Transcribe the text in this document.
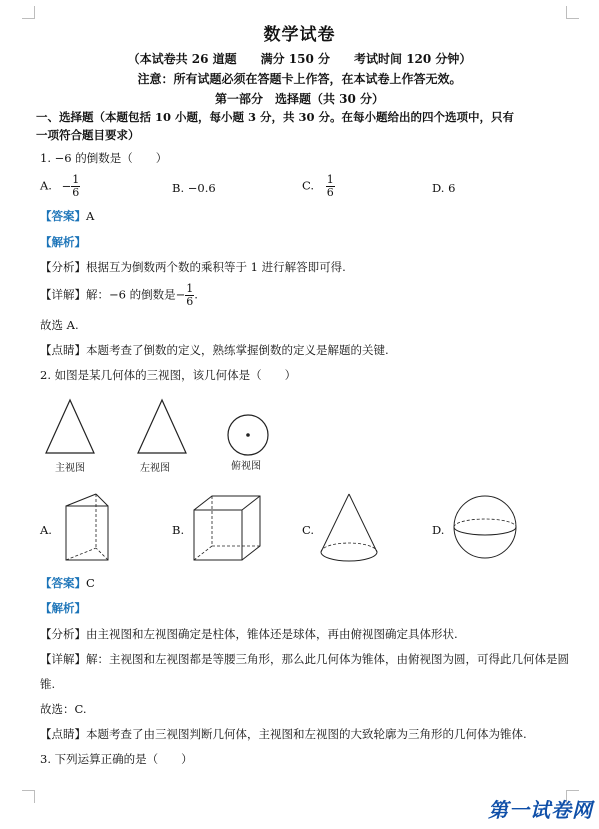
数学试卷
（本试卷共 26 道题　　满分 150 分　　考试时间 120 分钟）
注意：所有试题必须在答题卡上作答，在本试卷上作答无效。
第一部分　选择题（共 30 分）
一、选择题（本题包括 10 小题，每小题 3 分，共 30 分。在每小题给出的四个选项中，只有
一项符合题目要求）
1. −6 的倒数是（　　）
A. − $\frac{1}{6}$	B. −0.6	C. $\frac{1}{6}$	D. 6
【答案】A
【解析】
【分析】根据互为倒数两个数的乘积等于 1 进行解答即可得.
【详解】解：−6 的倒数是− $\frac{1}{6}$ .
故选 A.
【点睛】本题考查了倒数的定义，熟练掌握倒数的定义是解题的关键.
2. 如图是某几何体的三视图，该几何体是（　　）
主视图	左视图	俯视图
A.	B.	C.	D.
【答案】C
【解析】
【分析】由主视图和左视图确定是柱体，锥体还是球体，再由俯视图确定具体形状.
【详解】解：主视图和左视图都是等腰三角形，那么此几何体为锥体，由俯视图为圆，可得此几何体是圆
锥.
故选：C.
【点睛】本题考查了由三视图判断几何体，主视图和左视图的大致轮廓为三角形的几何体为锥体.
3. 下列运算正确的是（　　）
第一试卷网
